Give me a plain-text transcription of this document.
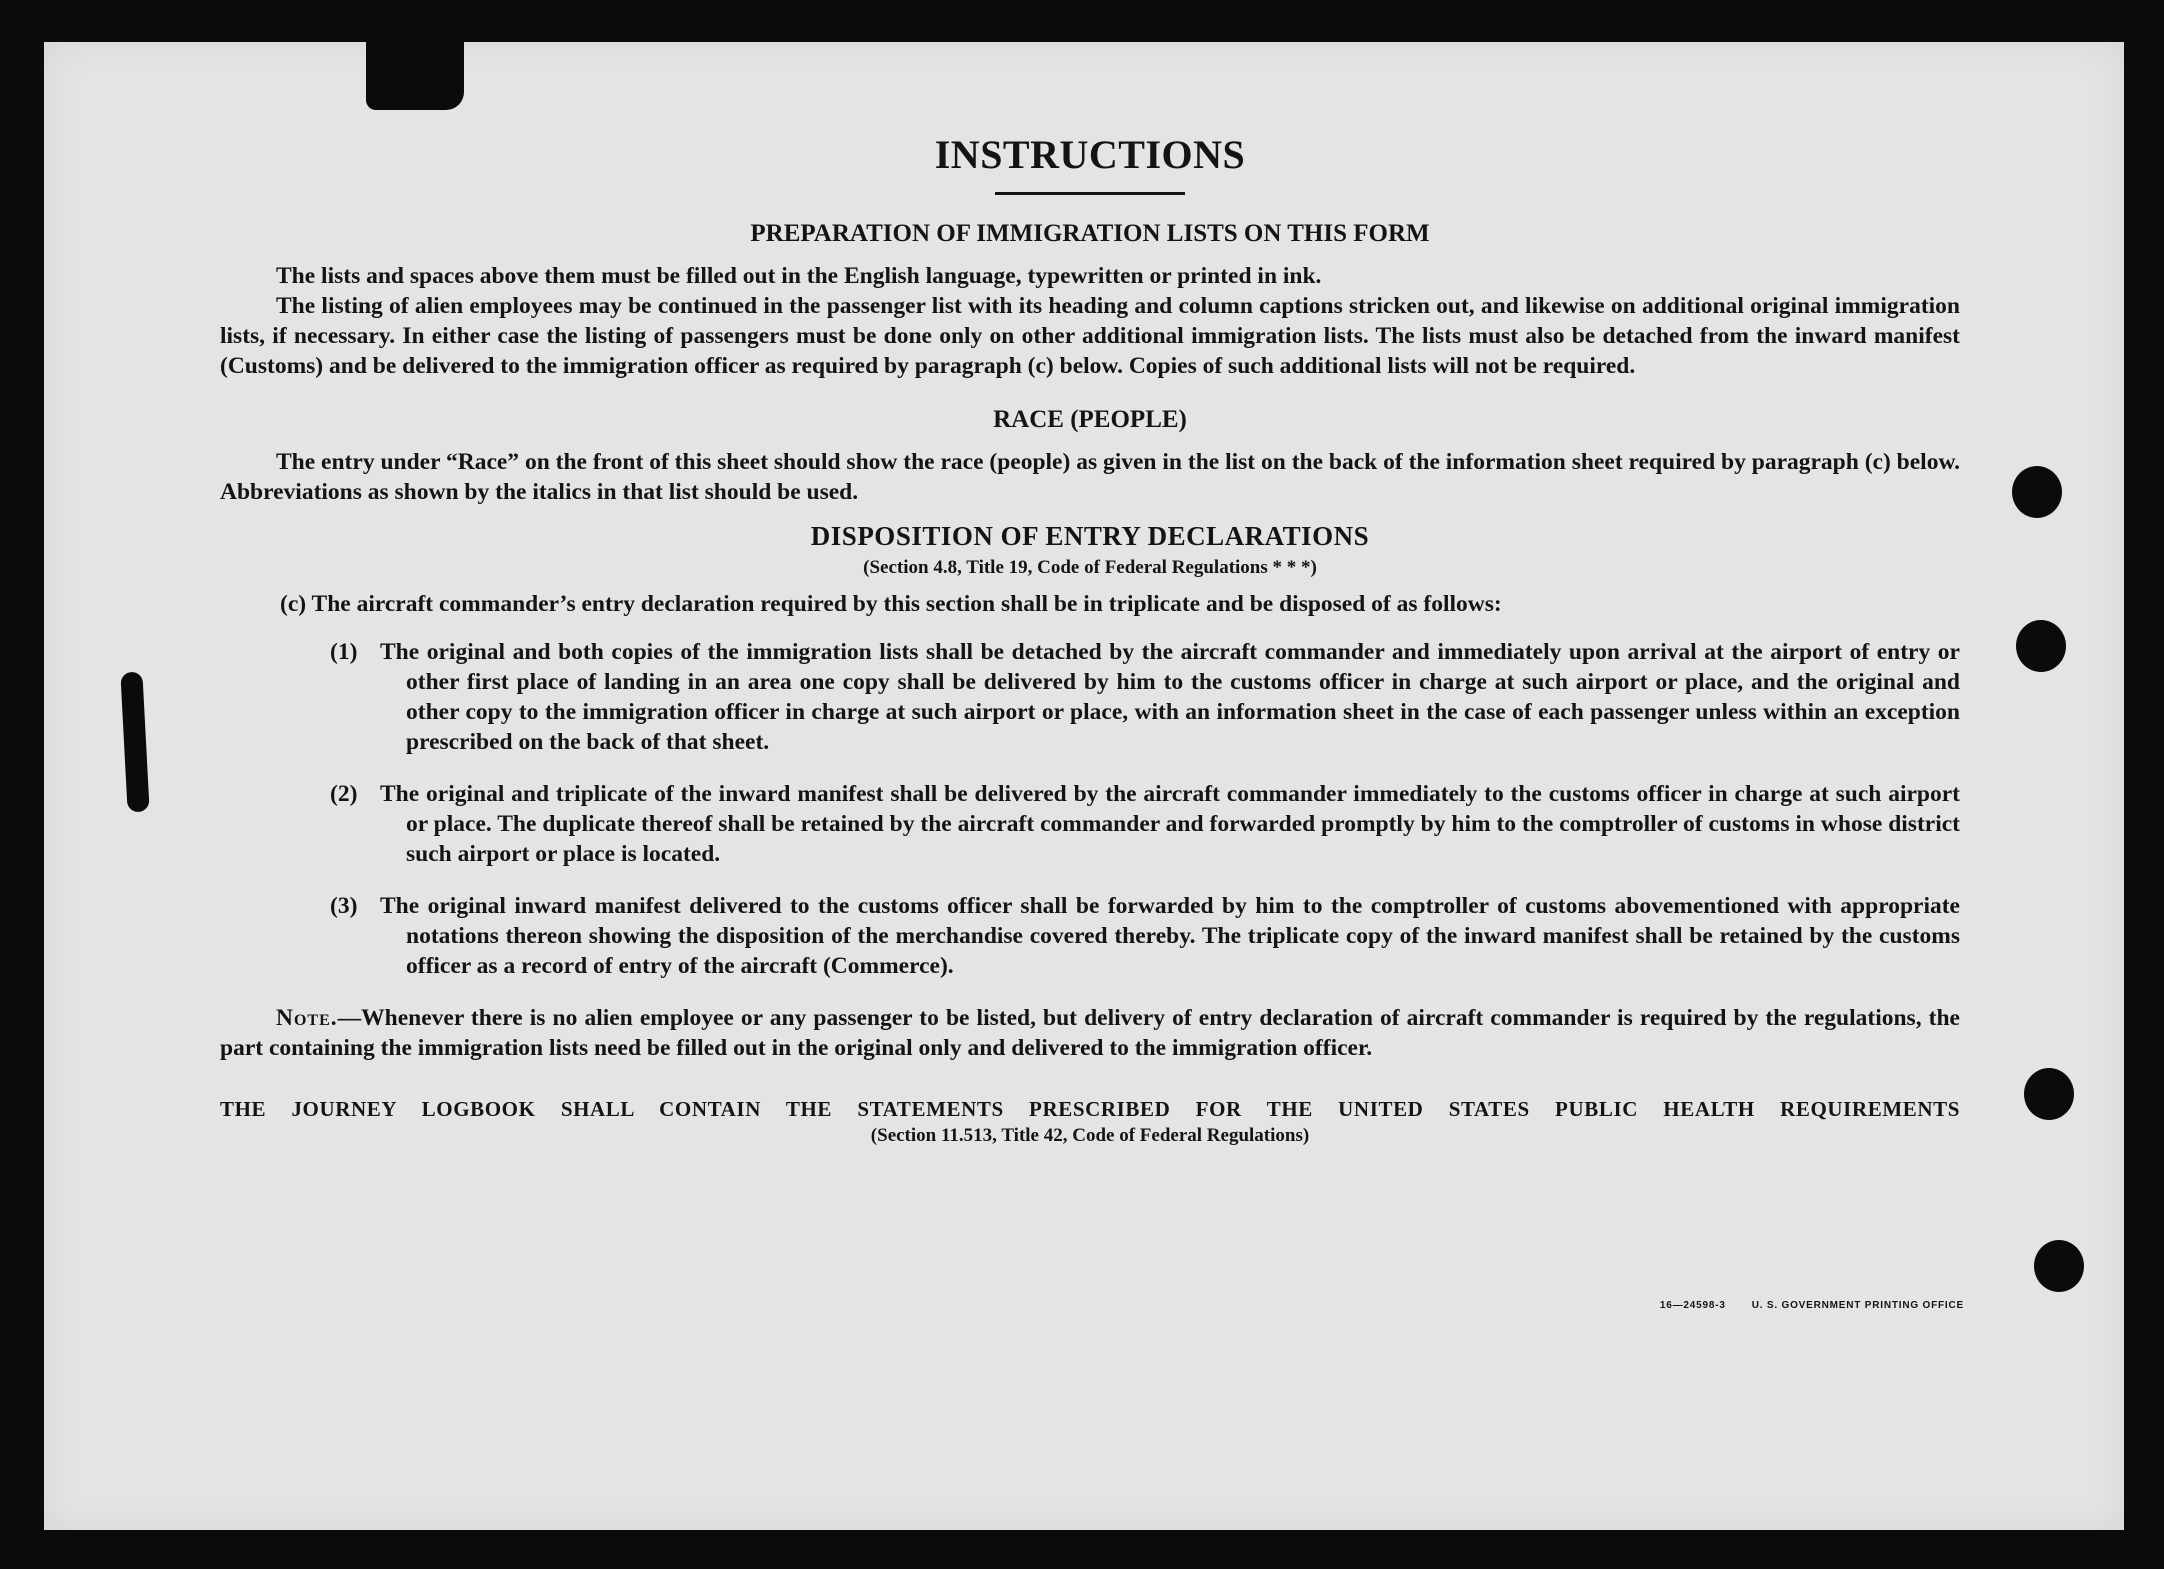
INSTRUCTIONS
PREPARATION OF IMMIGRATION LISTS ON THIS FORM

The lists and spaces above them must be filled out in the English language, typewritten or printed in ink.

The listing of alien employees may be continued in the passenger list with its heading and column captions stricken out, and likewise on additional original immigration lists, if necessary. In either case the listing of passengers must be done only on other additional immigration lists. The lists must also be detached from the inward manifest (Customs) and be delivered to the immigration officer as required by paragraph (c) below. Copies of such additional lists will not be required.

RACE (PEOPLE)

The entry under “Race” on the front of this sheet should show the race (people) as given in the list on the back of the information sheet required by paragraph (c) below. Abbreviations as shown by the italics in that list should be used.

DISPOSITION OF ENTRY DECLARATIONS
(Section 4.8, Title 19, Code of Federal Regulations * * *)

(c) The aircraft commander’s entry declaration required by this section shall be in triplicate and be disposed of as follows:

(1) The original and both copies of the immigration lists shall be detached by the aircraft commander and immediately upon arrival at the airport of entry or other first place of landing in an area one copy shall be delivered by him to the customs officer in charge at such airport or place, and the original and other copy to the immigration officer in charge at such airport or place, with an information sheet in the case of each passenger unless within an exception prescribed on the back of that sheet.
(2) The original and triplicate of the inward manifest shall be delivered by the aircraft commander immediately to the customs officer in charge at such airport or place. The duplicate thereof shall be retained by the aircraft commander and forwarded promptly by him to the comptroller of customs in whose district such airport or place is located.
(3) The original inward manifest delivered to the customs officer shall be forwarded by him to the comptroller of customs abovementioned with appropriate notations thereon showing the disposition of the merchandise covered thereby. The triplicate copy of the inward manifest shall be retained by the customs officer as a record of entry of the aircraft (Commerce).

Note.—Whenever there is no alien employee or any passenger to be listed, but delivery of entry declaration of aircraft commander is required by the regulations, the part containing the immigration lists need be filled out in the original only and delivered to the immigration officer.

THE JOURNEY LOGBOOK SHALL CONTAIN THE STATEMENTS PRESCRIBED FOR THE UNITED STATES PUBLIC HEALTH REQUIREMENTS
(Section 11.513, Title 42, Code of Federal Regulations)
16—24598-3	U. S. GOVERNMENT PRINTING OFFICE
